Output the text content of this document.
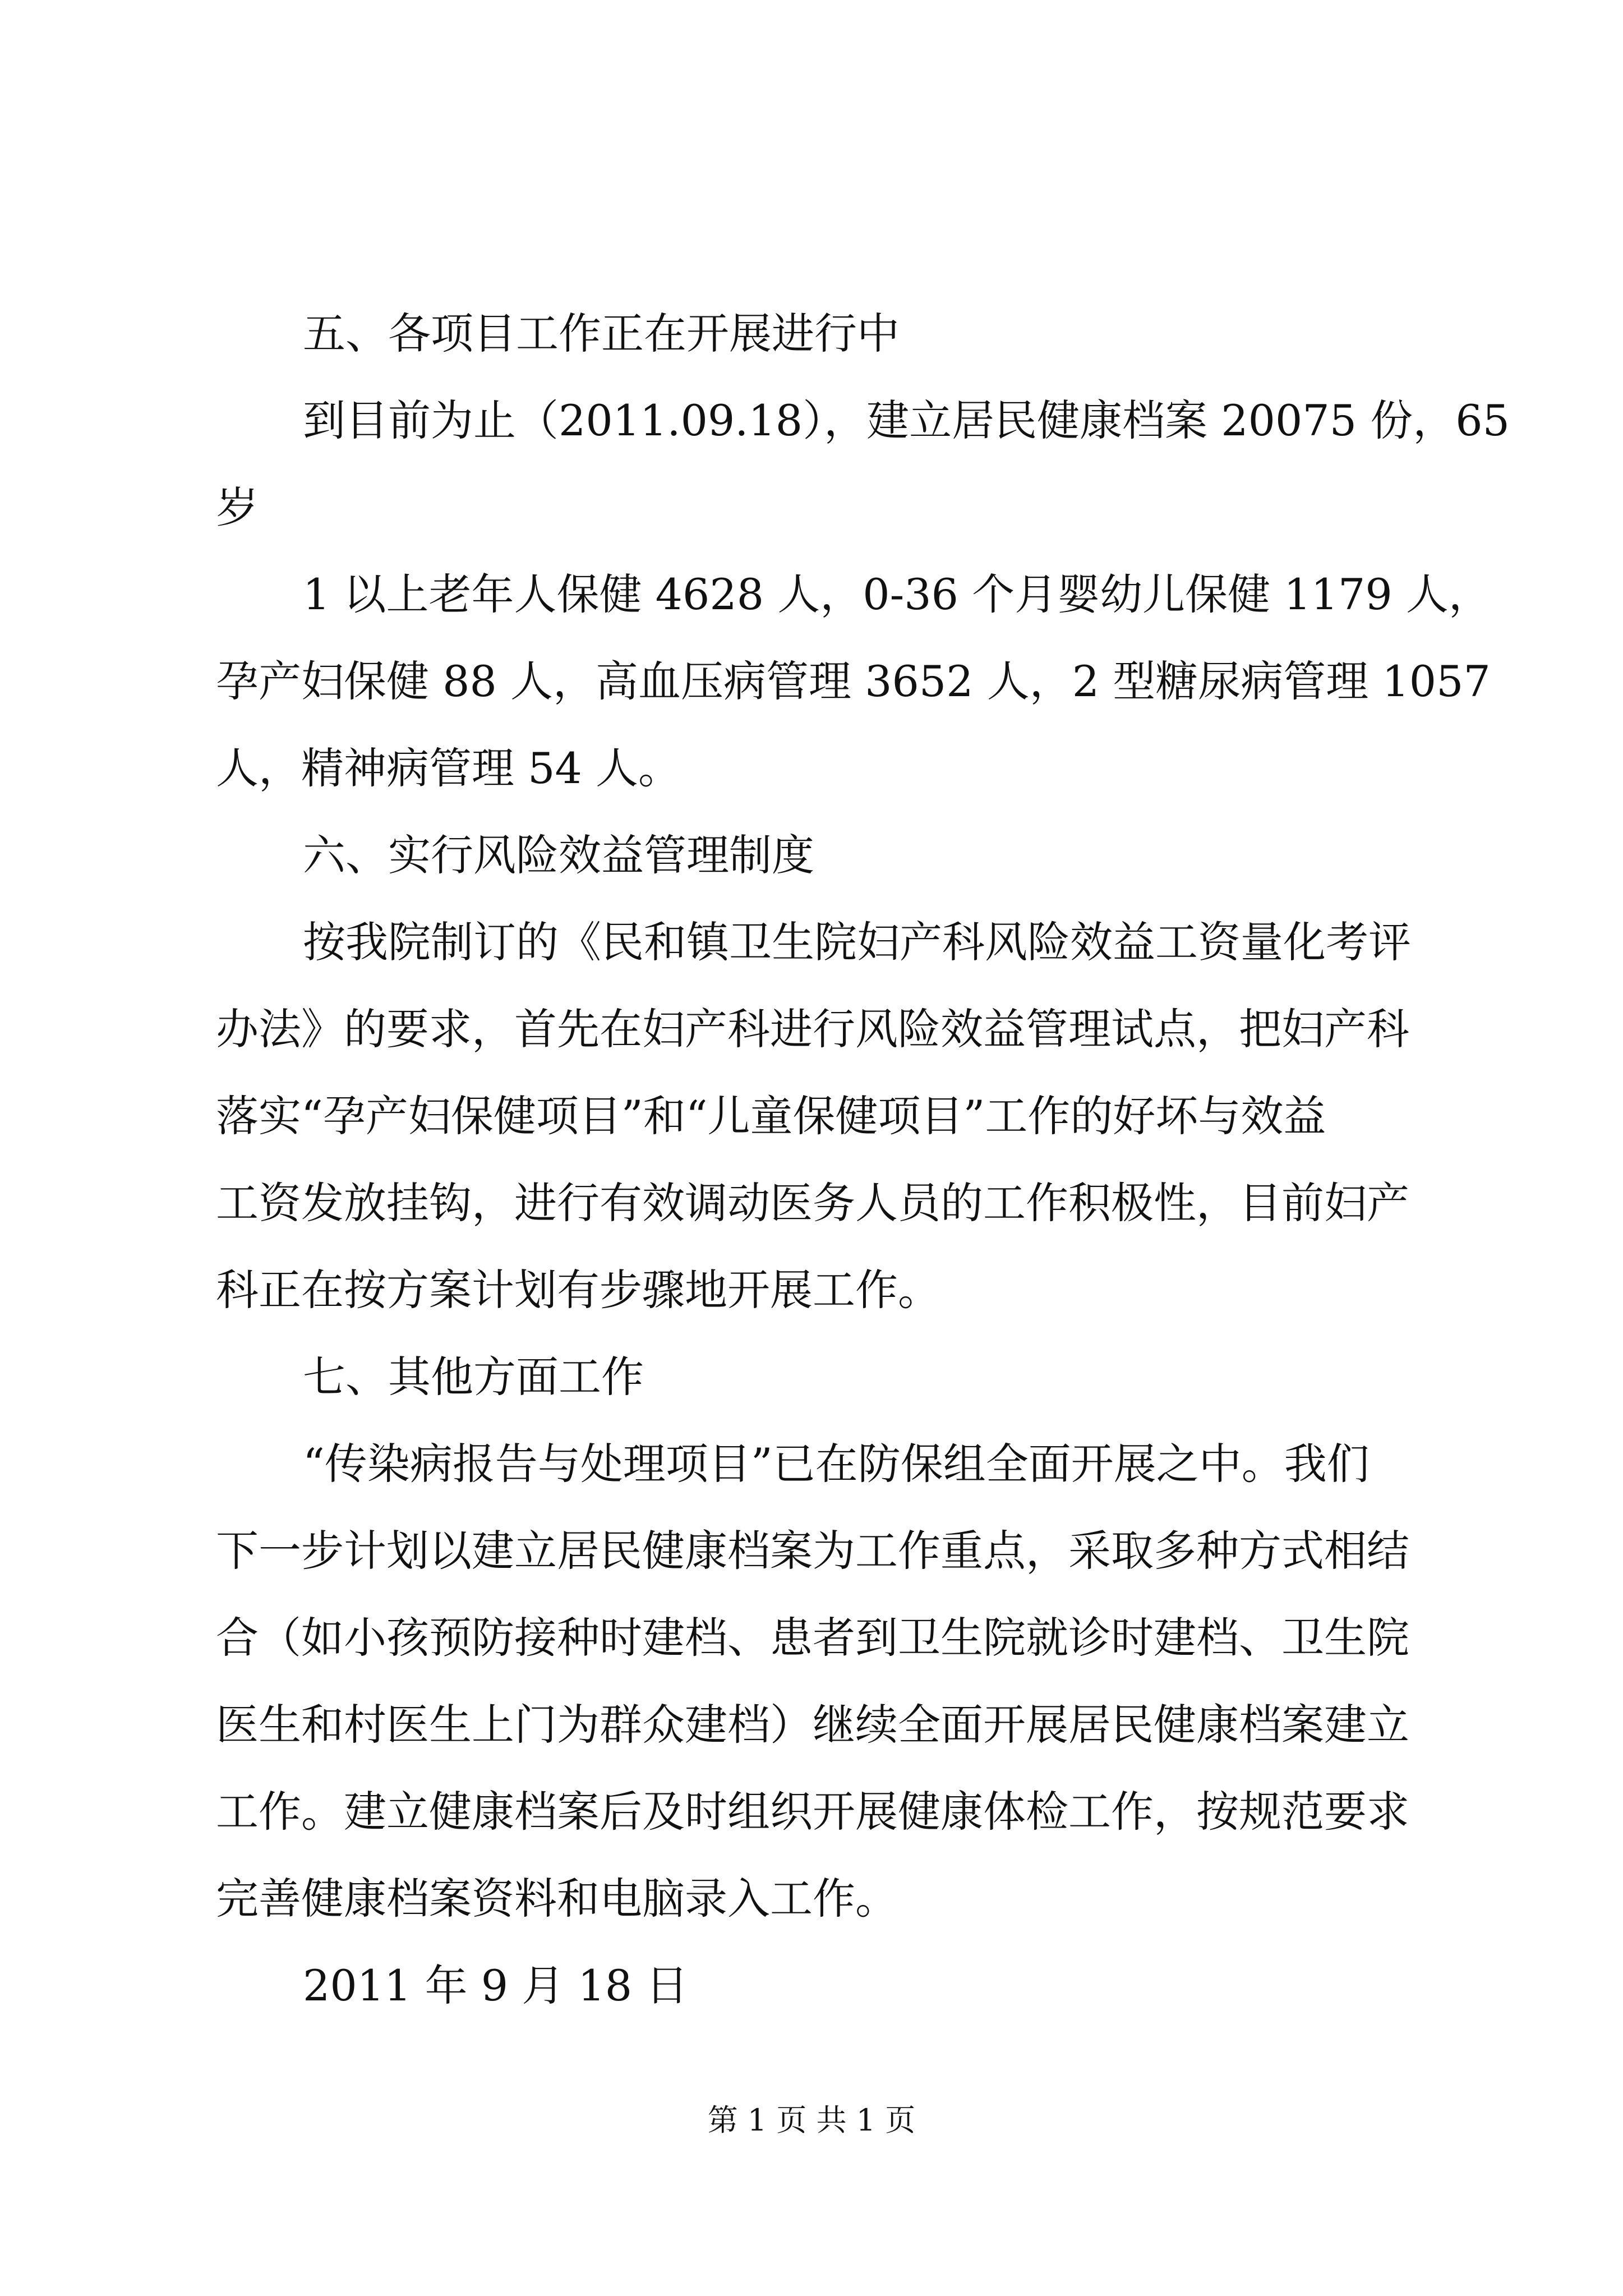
五、各项目工作正在开展进行中

到目前为止（2011.09.18），建立居民健康档案 20075 份，65

岁

1 以上老年人保健 4628 人，0-36 个月婴幼儿保健 1179 人，

孕产妇保健 88 人，高血压病管理 3652 人，2 型糖尿病管理 1057

人，精神病管理 54 人。

六、实行风险效益管理制度

按我院制订的《民和镇卫生院妇产科风险效益工资量化考评

办法》的要求，首先在妇产科进行风险效益管理试点，把妇产科

落实“孕产妇保健项目”和“儿童保健项目”工作的好坏与效益

工资发放挂钩，进行有效调动医务人员的工作积极性，目前妇产

科正在按方案计划有步骤地开展工作。

七、其他方面工作

“传染病报告与处理项目”已在防保组全面开展之中。我们

下一步计划以建立居民健康档案为工作重点，采取多种方式相结

合（如小孩预防接种时建档、患者到卫生院就诊时建档、卫生院

医生和村医生上门为群众建档）继续全面开展居民健康档案建立

工作。建立健康档案后及时组织开展健康体检工作，按规范要求

完善健康档案资料和电脑录入工作。

2011 年 9 月 18 日

第 1 页 共 1 页
